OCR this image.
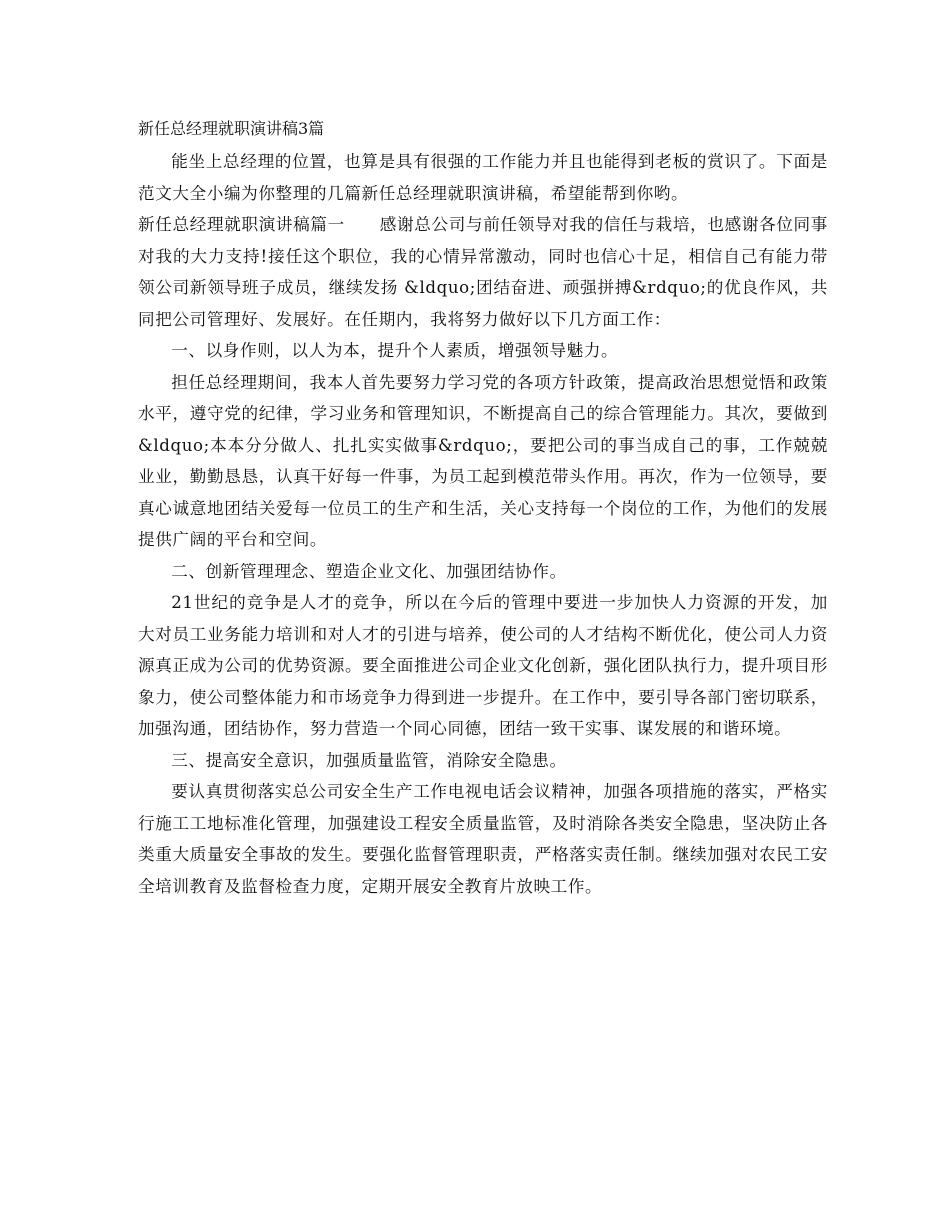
新任总经理就职演讲稿3篇

能坐上总经理的位置，也算是具有很强的工作能力并且也能得到老板的赏识了。下面是范文大全小编为你整理的几篇新任总经理就职演讲稿，希望能帮到你哟。

新任总经理就职演讲稿篇一 感谢总公司与前任领导对我的信任与栽培，也感谢各位同事对我的大力支持!接任这个职位，我的心情异常激动，同时也信心十足，相信自己有能力带领公司新领导班子成员，继续发扬 &ldquo;团结奋进、顽强拼搏&rdquo;的优良作风，共同把公司管理好、发展好。在任期内，我将努力做好以下几方面工作：

一、以身作则，以人为本，提升个人素质，增强领导魅力。

担任总经理期间，我本人首先要努力学习党的各项方针政策，提高政治思想觉悟和政策水平，遵守党的纪律，学习业务和管理知识，不断提高自己的综合管理能力。其次，要做到&ldquo;本本分分做人、扎扎实实做事&rdquo;，要把公司的事当成自己的事，工作兢兢业业，勤勤恳恳，认真干好每一件事，为员工起到模范带头作用。再次，作为一位领导，要真心诚意地团结关爱每一位员工的生产和生活，关心支持每一个岗位的工作，为他们的发展提供广阔的平台和空间。

二、创新管理理念、塑造企业文化、加强团结协作。

21世纪的竞争是人才的竞争，所以在今后的管理中要进一步加快人力资源的开发，加大对员工业务能力培训和对人才的引进与培养，使公司的人才结构不断优化，使公司人力资源真正成为公司的优势资源。要全面推进公司企业文化创新，强化团队执行力，提升项目形象力，使公司整体能力和市场竞争力得到进一步提升。在工作中，要引导各部门密切联系，加强沟通，团结协作，努力营造一个同心同德，团结一致干实事、谋发展的和谐环境。

三、提高安全意识，加强质量监管，消除安全隐患。

要认真贯彻落实总公司安全生产工作电视电话会议精神，加强各项措施的落实，严格实行施工工地标准化管理，加强建设工程安全质量监管，及时消除各类安全隐患，坚决防止各类重大质量安全事故的发生。要强化监督管理职责，严格落实责任制。继续加强对农民工安全培训教育及监督检查力度，定期开展安全教育片放映工作。
